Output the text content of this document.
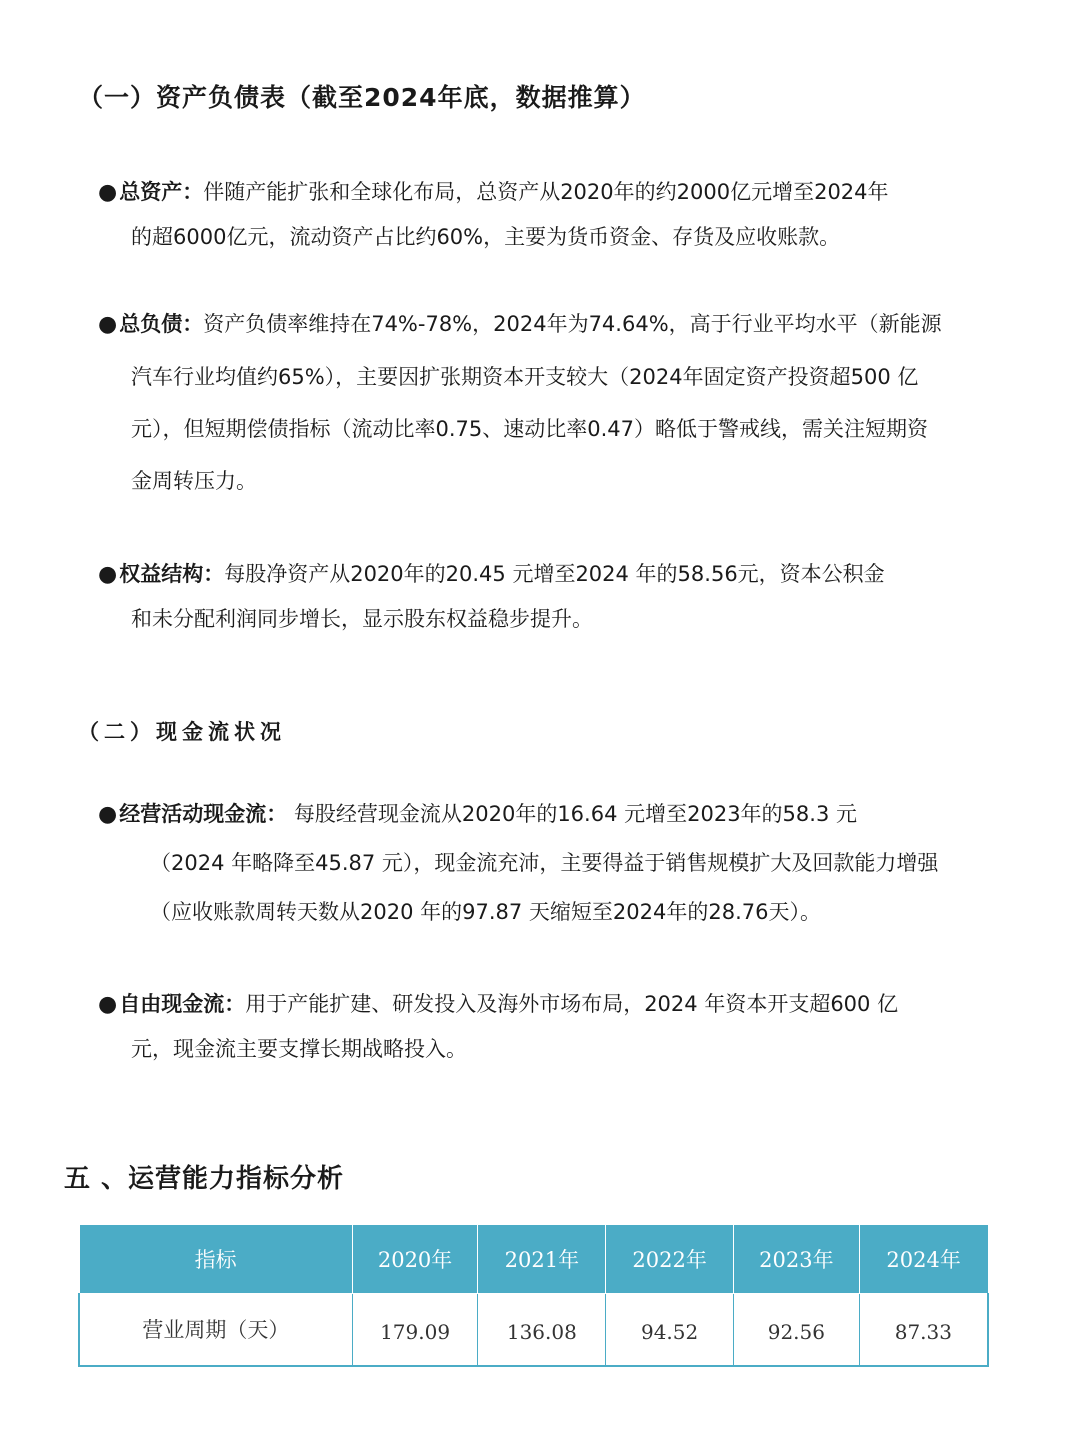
（一）资产负债表（截至2024年底，数据推算）
●总资产：伴随产能扩张和全球化布局，总资产从2020年的约2000亿元增至2024年
的超6000亿元，流动资产占比约60%，主要为货币资金、存货及应收账款。
●总负债：资产负债率维持在74%-78%，2024年为74.64%，高于行业平均水平（新能源
汽车行业均值约65%），主要因扩张期资本开支较大（2024年固定资产投资超500 亿
元），但短期偿债指标（流动比率0.75、速动比率0.47）略低于警戒线，需关注短期资
金周转压力。
●权益结构：每股净资产从2020年的20.45 元增至2024 年的58.56元，资本公积金
和未分配利润同步增长，显示股东权益稳步提升。
（二）现金流状况
●经营活动现金流： 每股经营现金流从2020年的16.64 元增至2023年的58.3 元
（2024 年略降至45.87 元），现金流充沛，主要得益于销售规模扩大及回款能力增强
（应收账款周转天数从2020 年的97.87 天缩短至2024年的28.76天）。
●自由现金流：用于产能扩建、研发投入及海外市场布局，2024 年资本开支超600 亿
元，现金流主要支撑长期战略投入。
五 、运营能力指标分析
指标	2020年	2021年	2022年	2023年	2024年
营业周期（天）	179.09	136.08	94.52	92.56	87.33
